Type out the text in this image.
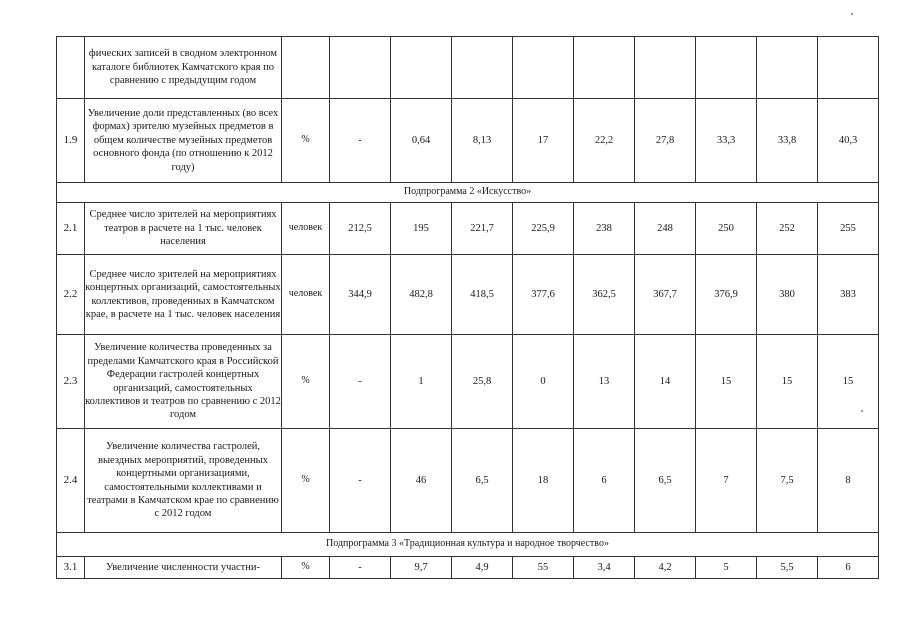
	фических записей в сводном электронном каталоге библиотек Камчатского края по сравнению с предыдущим годом										
1.9	Увеличение доли представленных (во всех формах) зрителю музейных предметов в общем количестве музейных предметов основного фонда (по отношению к 2012 году)	%	-	0,64	8,13	17	22,2	27,8	33,3	33,8	40,3
Подпрограмма 2 «Искусство»											
2.1	Среднее число зрителей на мероприятиях театров в расчете на 1 тыс. человек населения	человек	212,5	195	221,7	225,9	238	248	250	252	255
2.2	Среднее число зрителей на мероприятиях концертных организаций, самостоятельных коллективов, проведенных в Камчатском крае, в расчете на 1 тыс. человек населения	человек	344,9	482,8	418,5	377,6	362,5	367,7	376,9	380	383
2.3	Увеличение количества проведенных за пределами Камчатского края в Российской Федерации гастролей концертных организаций, самостоятельных коллективов и театров по сравнению с 2012 годом	%	-	1	25,8	0	13	14	15	15	15
2.4	Увеличение количества гастролей, выездных мероприятий, проведенных концертными организациями, самостоятельными коллективами и театрами в Камчатском крае по сравнению с 2012 годом	%	-	46	6,5	18	6	6,5	7	7,5	8
Подпрограмма 3 «Традиционная культура и народное творчество»											
3.1	Увеличение численности участни-	%	-	9,7	4,9	55	3,4	4,2	5	5,5	6
